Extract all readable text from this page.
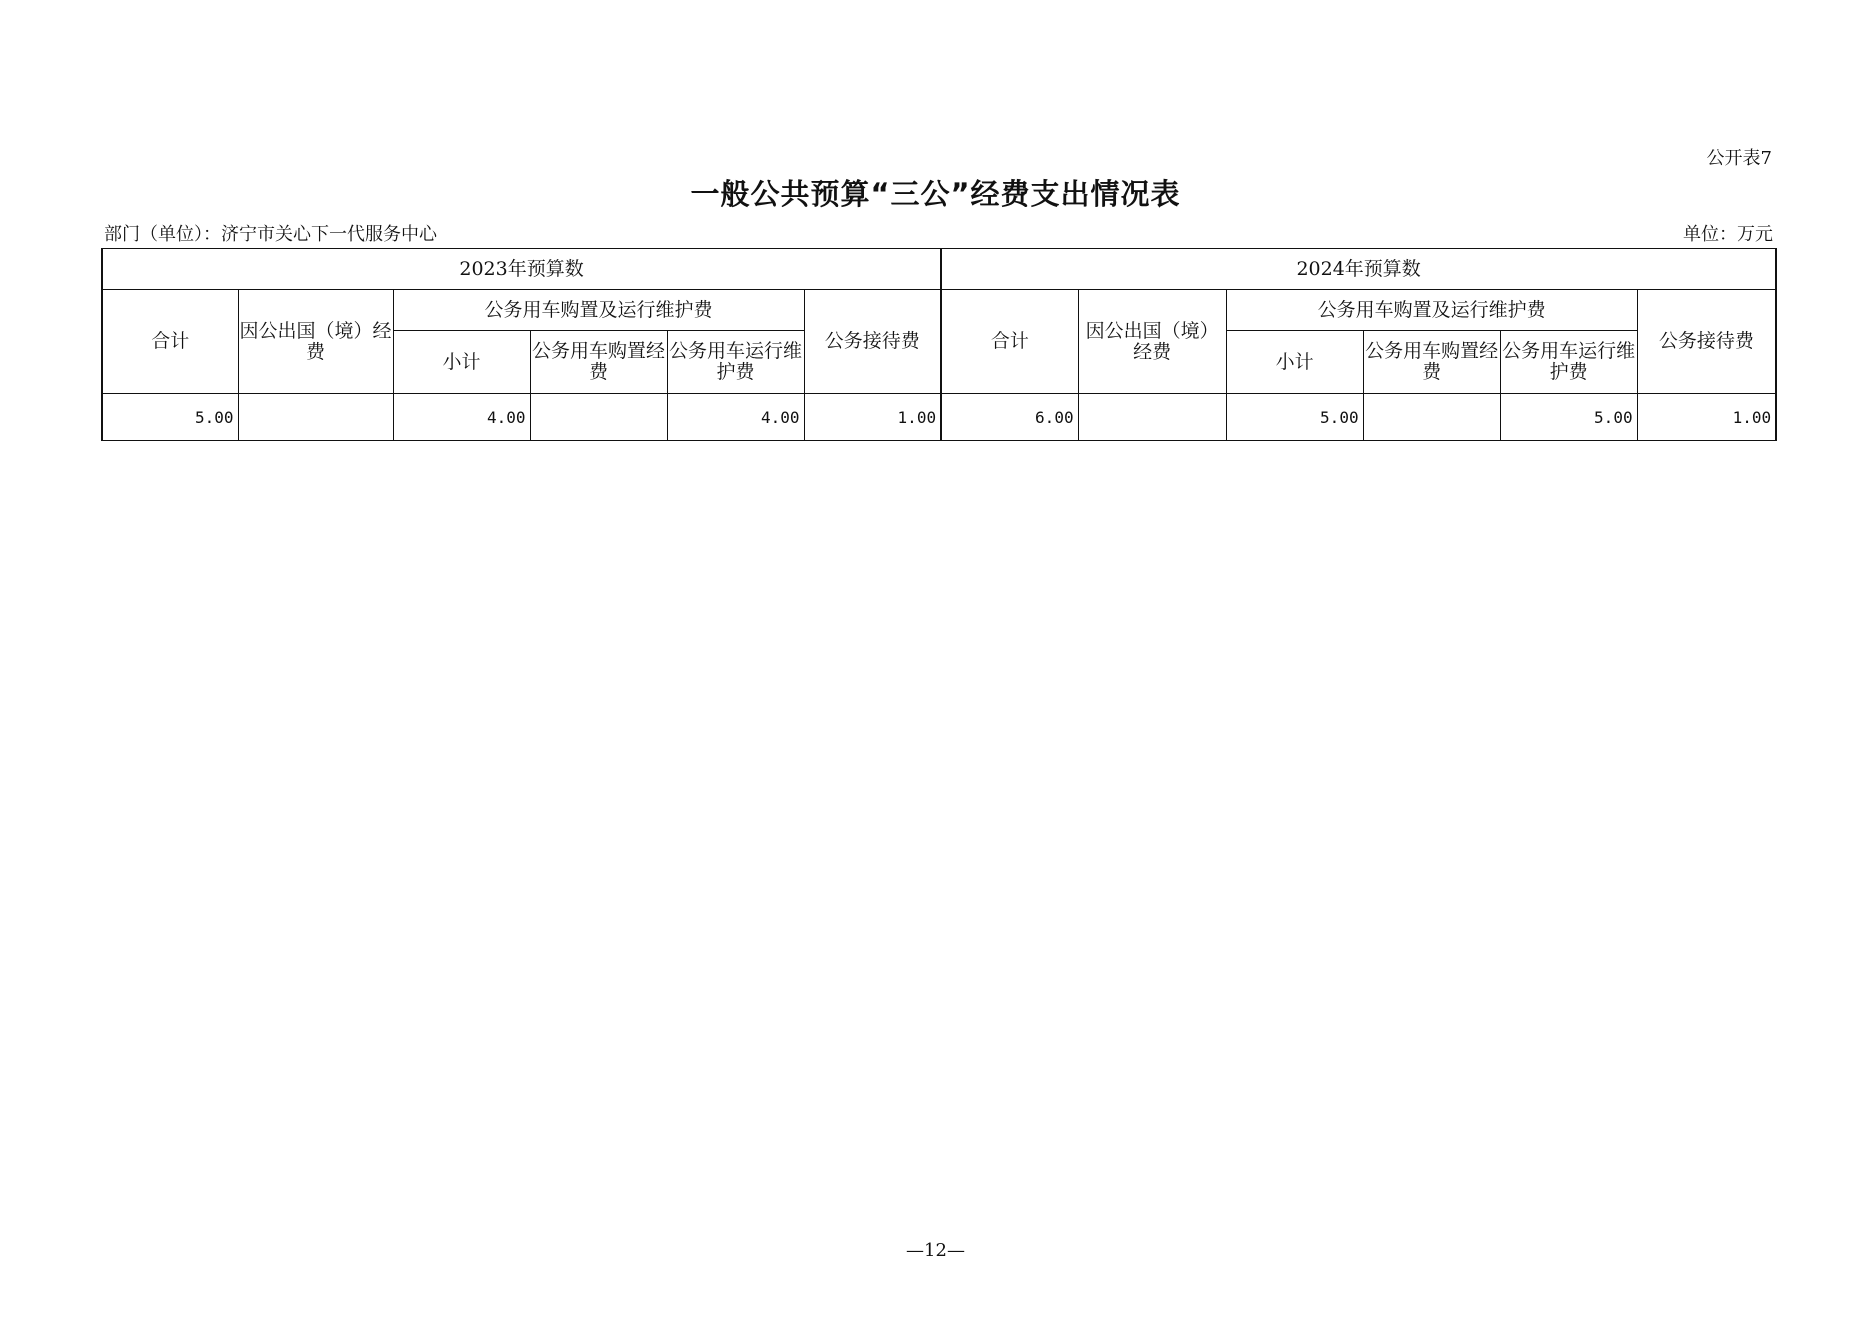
公开表7
一般公共预算“三公”经费支出情况表
部门（单位）：济宁市关心下一代服务中心	单位：万元
2023年预算数						2024年预算数					
合计	因公出国（境）经费	公务用车购置及运行维护费			公务接待费	合计	因公出国（境）经费	公务用车购置及运行维护费			公务接待费
		小计	公务用车购置经费	公务用车运行维护费				小计	公务用车购置经费	公务用车运行维护费	
5.00		4.00		4.00	1.00	6.00		5.00		5.00	1.00
—12—
